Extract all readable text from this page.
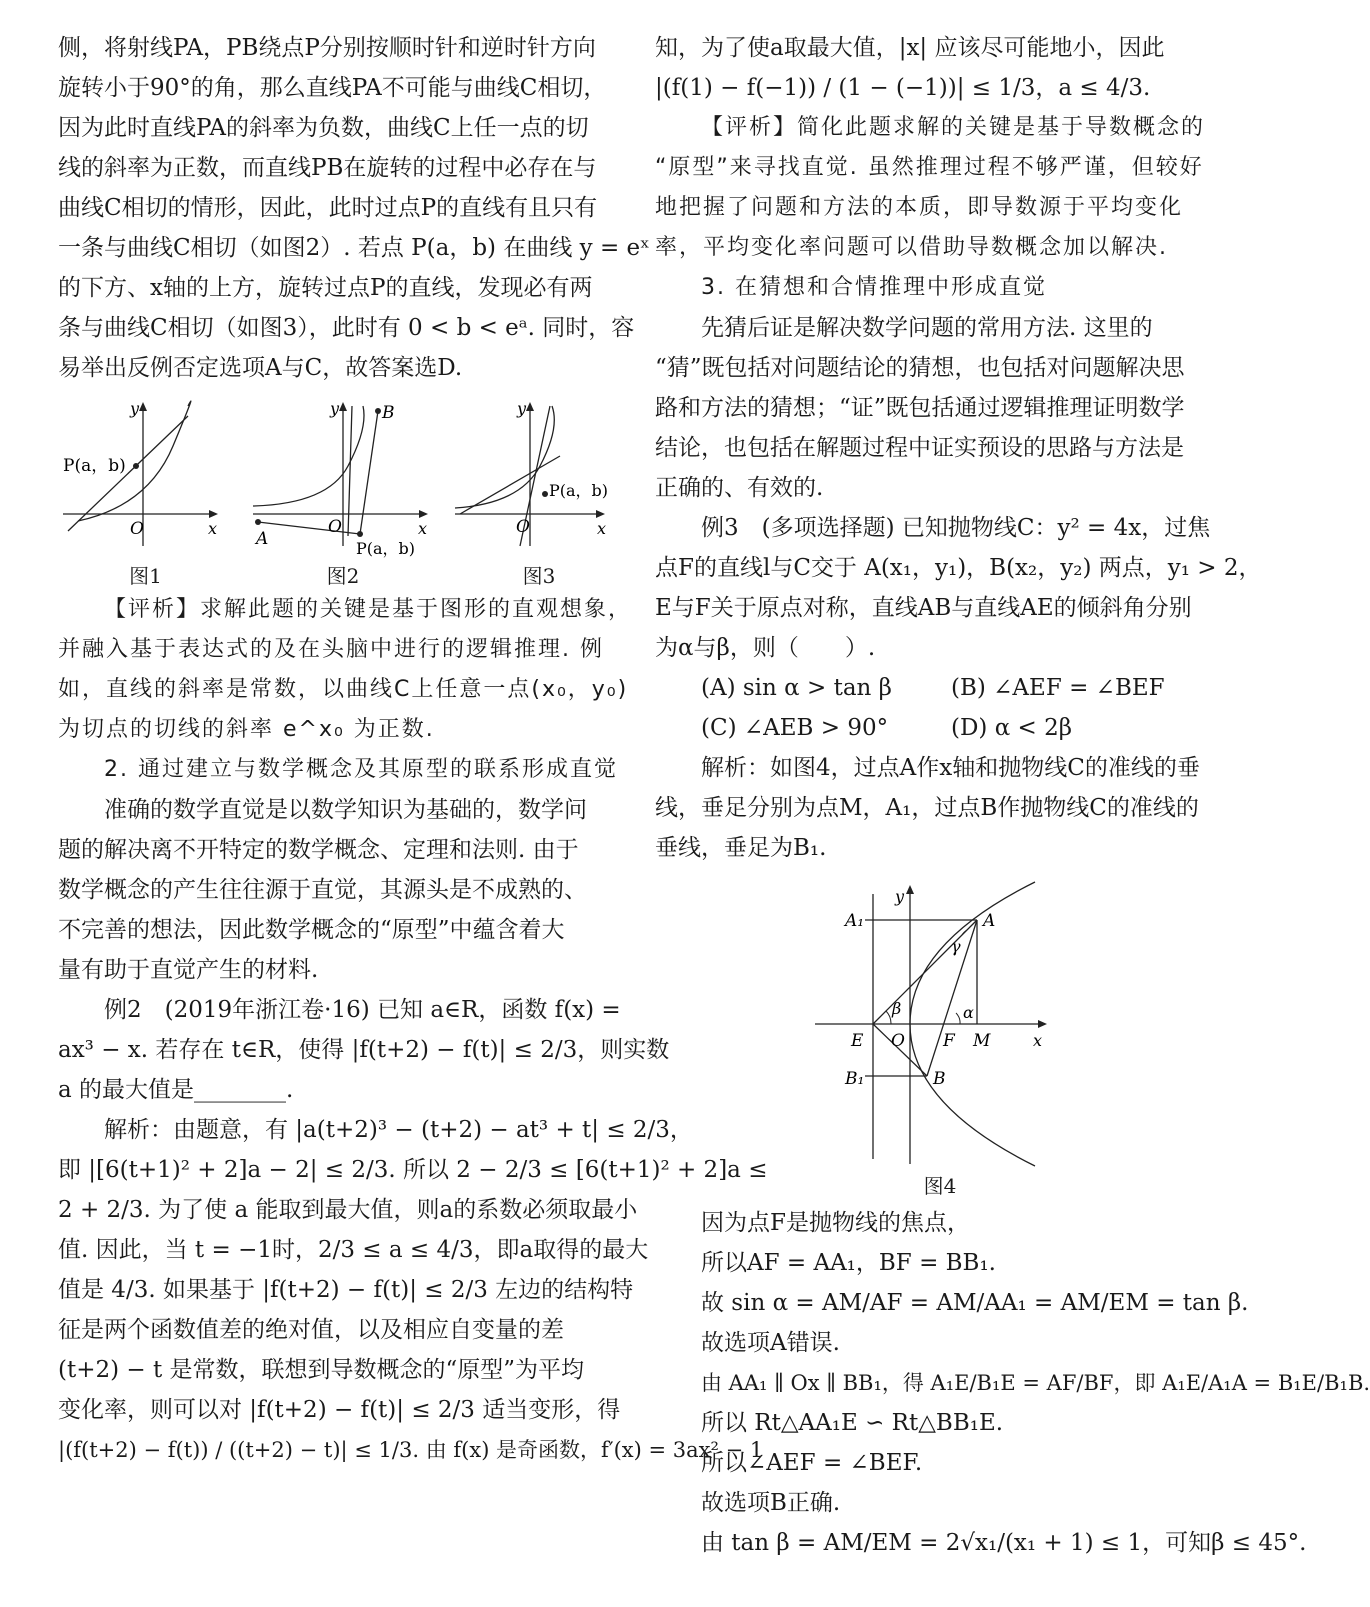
侧，将射线PA，PB绕点P分别按顺时针和逆时针方向
旋转小于90°的角，那么直线PA不可能与曲线C相切，
因为此时直线PA的斜率为负数，曲线C上任一点的切
线的斜率为正数，而直线PB在旋转的过程中必存在与
曲线C相切的情形，因此，此时过点P的直线有且只有
一条与曲线C相切（如图2）. 若点 P(a，b) 在曲线 y = eˣ
的下方、x轴的上方，旋转过点P的直线，发现必有两
条与曲线C相切（如图3），此时有 0 < b < eᵃ. 同时，容
易举出反例否定选项A与C，故答案选D.
P(a，b)
O	x
y
图1
A
B
P(a，b)
O	x
y
图2
P(a，b)
O	x
y
图3
【评析】求解此题的关键是基于图形的直观想象，
并融入基于表达式的及在头脑中进行的逻辑推理. 例
如，直线的斜率是常数，以曲线C上任意一点(x₀，y₀)
为切点的切线的斜率 e^x₀ 为正数.
2. 通过建立与数学概念及其原型的联系形成直觉
准确的数学直觉是以数学知识为基础的，数学问
题的解决离不开特定的数学概念、定理和法则. 由于
数学概念的产生往往源于直觉，其源头是不成熟的、
不完善的想法，因此数学概念的“原型”中蕴含着大
量有助于直觉产生的材料.
例2　(2019年浙江卷·16) 已知 a∈R，函数 f(x) =
ax³ − x. 若存在 t∈R，使得 |f(t+2) − f(t)| ≤ 2/3，则实数
a 的最大值是________.
解析：由题意，有 |a(t+2)³ − (t+2) − at³ + t| ≤ 2/3，
即 |[6(t+1)² + 2]a − 2| ≤ 2/3. 所以 2 − 2/3 ≤ [6(t+1)² + 2]a ≤
2 + 2/3. 为了使 a 能取到最大值，则a的系数必须取最小
值. 因此，当 t = −1时，2/3 ≤ a ≤ 4/3，即a取得的最大
值是 4/3. 如果基于 |f(t+2) − f(t)| ≤ 2/3 左边的结构特
征是两个函数值差的绝对值，以及相应自变量的差
(t+2) − t 是常数，联想到导数概念的“原型”为平均
变化率，则可以对 |f(t+2) − f(t)| ≤ 2/3 适当变形，得
|(f(t+2) − f(t)) / ((t+2) − t)| ≤ 1/3. 由 f(x) 是奇函数，f′(x) = 3ax² − 1
知，为了使a取最大值，|x| 应该尽可能地小，因此
|(f(1) − f(−1)) / (1 − (−1))| ≤ 1/3，a ≤ 4/3.
【评析】简化此题求解的关键是基于导数概念的
“原型”来寻找直觉. 虽然推理过程不够严谨，但较好
地把握了问题和方法的本质，即导数源于平均变化
率，平均变化率问题可以借助导数概念加以解决.
3. 在猜想和合情推理中形成直觉
先猜后证是解决数学问题的常用方法. 这里的
“猜”既包括对问题结论的猜想，也包括对问题解决思
路和方法的猜想；“证”既包括通过逻辑推理证明数学
结论，也包括在解题过程中证实预设的思路与方法是
正确的、有效的.
例3　(多项选择题) 已知抛物线C：y² = 4x，过焦
点F的直线l与C交于 A(x₁，y₁)，B(x₂，y₂) 两点，y₁ > 2，
E与F关于原点对称，直线AB与直线AE的倾斜角分别
为α与β，则（　　）.
(A) sin α > tan β	(B) ∠AEF = ∠BEF
(C) ∠AEB > 90°	(D) α < 2β
解析：如图4，过点A作x轴和抛物线C的准线的垂
线，垂足分别为点M，A₁，过点B作抛物线C的准线的
垂线，垂足为B₁.
A₁	A
γ
β	α
E O F M	x
y
B₁	B
图4
因为点F是抛物线的焦点，
所以AF = AA₁，BF = BB₁.
故 sin α = AM/AF = AM/AA₁ = AM/EM = tan β.
故选项A错误.
由 AA₁ ∥ Ox ∥ BB₁，得 A₁E/B₁E = AF/BF，即 A₁E/A₁A = B₁E/B₁B.
所以 Rt△AA₁E ∽ Rt△BB₁E.
所以∠AEF = ∠BEF.
故选项B正确.
由 tan β = AM/EM = 2√x₁/(x₁ + 1) ≤ 1，可知β ≤ 45°.
